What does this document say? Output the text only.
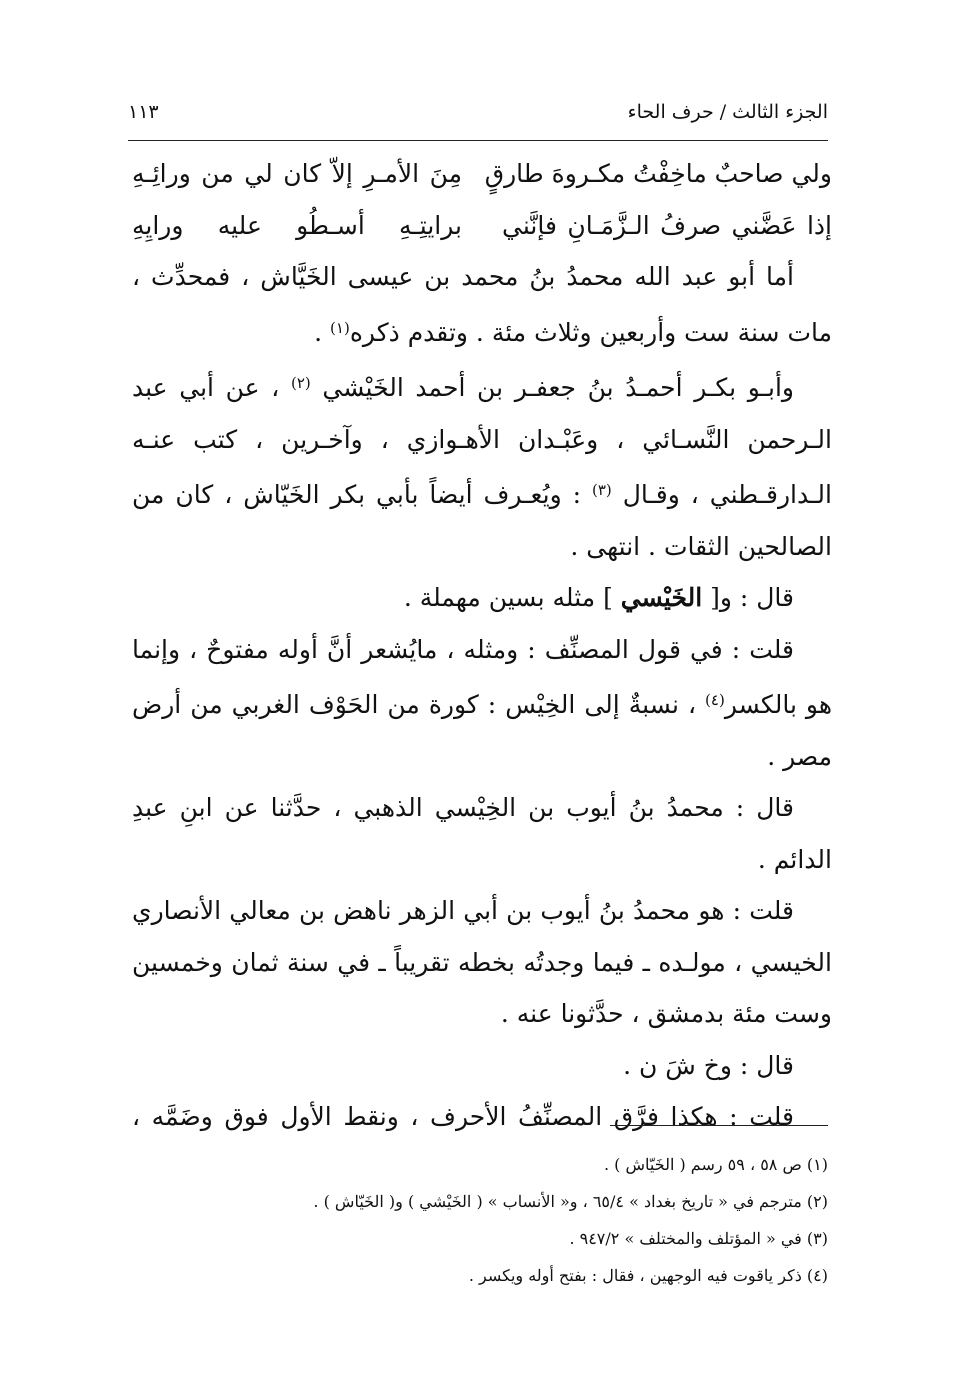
الجزء الثالث / حرف الحاء
١١٣
ولي صاحبٌ ماخِفْتُ مكـروهَ طارقٍ
مِنَ الأمـرِ إلاّ كان لي من ورائِـهِ
إذا عَضَّني صرفُ الـزَّمَـانِ فإنَّني
برايتِـهِ أسـطُو عليه ورايِهِ
أما أبو عبد الله محمدُ بنُ محمد بن عيسى الخَيَّاش ، فمحدِّث ،
مات سنة ست وأربعين وثلاث مئة . وتقدم ذكره$^{(١)}$ .
وأبـو بكـر أحمـدُ بنُ جعفـر بن أحمد الخَيْشي $^{(٢)}$ ، عن أبي عبد
الـرحمن النَّسـائي ، وعَبْـدان الأهـوازي ، وآخـرين ، كتب عنـه
الـدارقـطني ، وقـال $^{(٣)}$ : ويُعـرف أيضاً بأبي بكر الخَيّاش ، كان من
الصالحين الثقات . انتهى .
قال : و[ الخَيْسي ] مثله بسين مهملة .
قلت : في قول المصنِّف : ومثله ، مايُشعر أنَّ أوله مفتوحٌ ، وإنما
هو بالكسر$^{(٤)}$ ، نسبةٌ إلى الخِيْس : كورة من الحَوْف الغربي من أرض
مصر .
قال : محمدُ بنُ أيوب بن الخِيْسي الذهبي ، حدَّثنا عن ابنِ عبدِ
الدائم .
قلت : هو محمدُ بنُ أيوب بن أبي الزهر ناهض بن معالي الأنصاري
الخيسي ، مولـده ـ فيما وجدتُه بخطه تقريباً ـ في سنة ثمان وخمسين
وست مئة بدمشق ، حدَّثونا عنه .
قال : وخ شَ ن .
قلت : هكذا فرَّق المصنِّفُ الأحرف ، ونقط الأول فوق وضَمَّه ،
(١) ص ٥٨ ، ٥٩ رسم ( الخَيّاش ) .
(٢) مترجم في « تاريخ بغداد » ٦٥/٤ ، و« الأنساب » ( الخَيْشي ) و( الخَيّاش ) .
(٣) في « المؤتلف والمختلف » ٩٤٧/٢ .
(٤) ذكر ياقوت فيه الوجهين ، فقال : بفتح أوله ويكسر .
